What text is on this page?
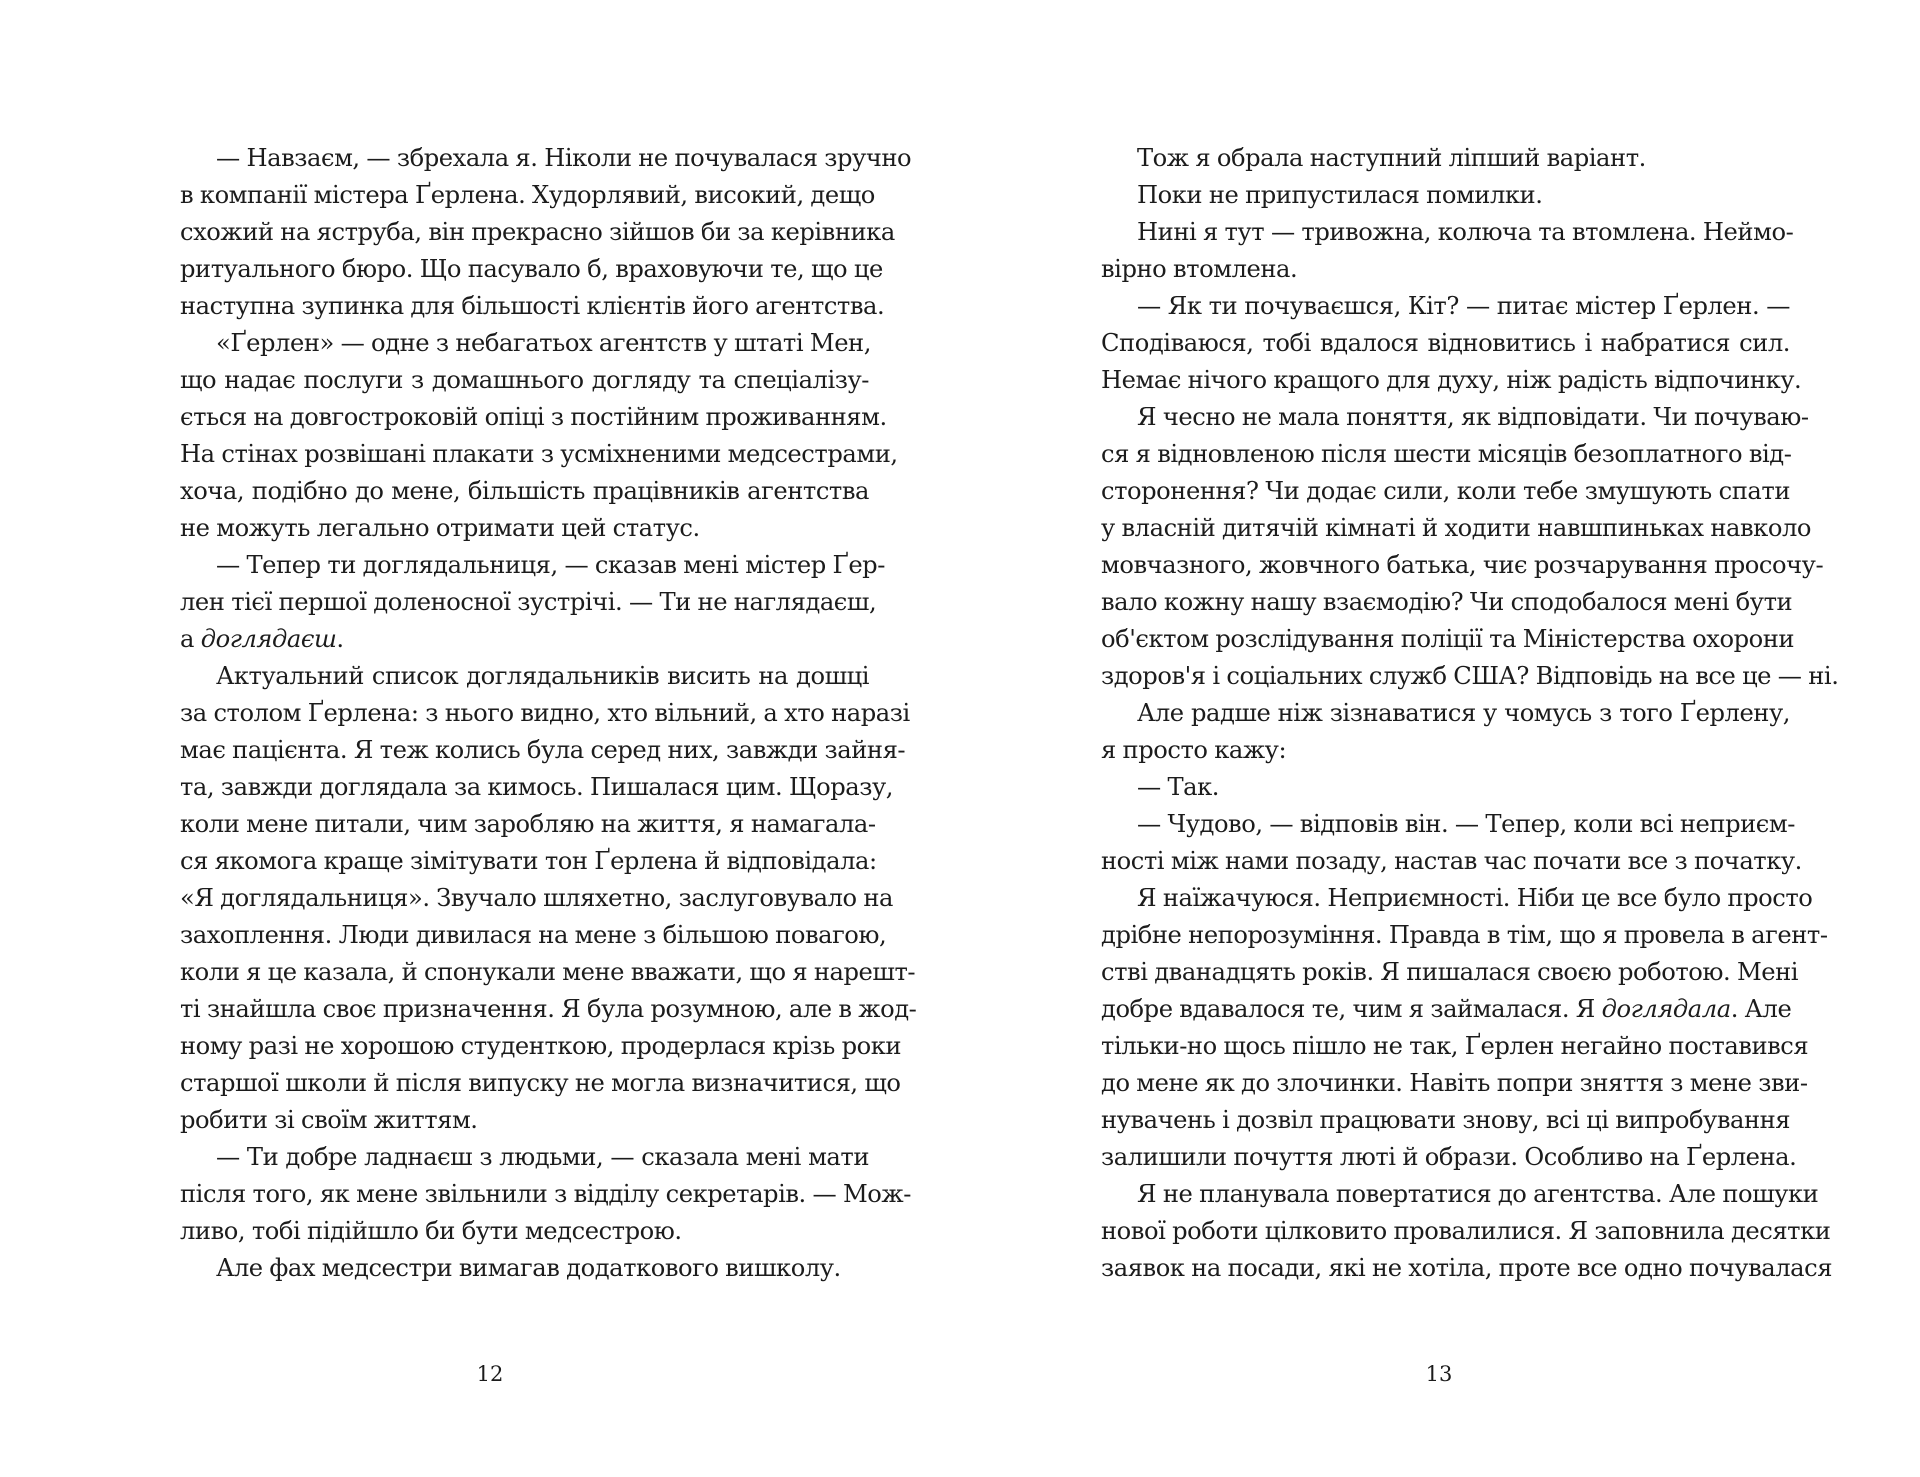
— Навзаєм, — збрехала я. Ніколи не почувалася зручно
в компанії містера Ґерлена. Худорлявий, високий, дещо
схожий на яструба, він прекрасно зійшов би за керівника
ритуального бюро. Що пасувало б, враховуючи те, що це
наступна зупинка для більшості клієнтів його агентства.
«Ґерлен» — одне з небагатьох агентств у штаті Мен,
що надає послуги з домашнього догляду та спеціалізу-
ється на довгостроковій опіці з постійним проживанням.
На стінах розвішані плакати з усміхненими медсестрами,
хоча, подібно до мене, більшість працівників агентства
не можуть легально отримати цей статус.
— Тепер ти доглядальниця, — сказав мені містер Ґер-
лен тієї першої доленосної зустрічі. — Ти не наглядаєш,
а доглядаєш.
Актуальний список доглядальників висить на дошці
за столом Ґерлена: з нього видно, хто вільний, а хто наразі
має пацієнта. Я теж колись була серед них, завжди зайня-
та, завжди доглядала за кимось. Пишалася цим. Щоразу,
коли мене питали, чим заробляю на життя, я намагала-
ся якомога краще зімітувати тон Ґерлена й відповідала:
«Я доглядальниця». Звучало шляхетно, заслуговувало на
захоплення. Люди дивилася на мене з більшою повагою,
коли я це казала, й спонукали мене вважати, що я нарешт-
ті знайшла своє призначення. Я була розумною, але в жод-
ному разі не хорошою студенткою, продерлася крізь роки
старшої школи й після випуску не могла визначитися, що
робити зі своїм життям.
— Ти добре ладнаєш з людьми, — сказала мені мати
після того, як мене звільнили з відділу секретарів. — Мож-
ливо, тобі підійшло би бути медсестрою.
Але фах медсестри вимагав додаткового вишколу.
12
Тож я обрала наступний ліпший варіант.
Поки не припустилася помилки.
Нині я тут — тривожна, колюча та втомлена. Неймо-
вірно втомлена.
— Як ти почуваєшся, Кіт? — питає містер Ґерлен. —
Сподіваюся, тобі вдалося відновитись і набратися сил.
Немає нічого кращого для духу, ніж радість відпочинку.
Я чесно не мала поняття, як відповідати. Чи почуваю-
ся я відновленою після шести місяців безоплатного від-
сторонення? Чи додає сили, коли тебе змушують спати
у власній дитячій кімнаті й ходити навшпиньках навколо
мовчазного, жовчного батька, чиє розчарування просочу-
вало кожну нашу взаємодію? Чи сподобалося мені бути
об'єктом розслідування поліції та Міністерства охорони
здоров'я і соціальних служб США? Відповідь на все це — ні.
Але радше ніж зізнаватися у чомусь з того Ґерлену,
я просто кажу:
— Так.
— Чудово, — відповів він. — Тепер, коли всі неприєм-
ності між нами позаду, настав час почати все з початку.
Я наїжачуюся. Неприємності. Ніби це все було просто
дрібне непорозуміння. Правда в тім, що я провела в агент-
стві дванадцять років. Я пишалася своєю роботою. Мені
добре вдавалося те, чим я займалася. Я доглядала. Але
тільки-но щось пішло не так, Ґерлен негайно поставився
до мене як до злочинки. Навіть попри зняття з мене зви-
нувачень і дозвіл працювати знову, всі ці випробування
залишили почуття люті й образи. Особливо на Ґерлена.
Я не планувала повертатися до агентства. Але пошуки
нової роботи цілковито провалилися. Я заповнила десятки
заявок на посади, які не хотіла, проте все одно почувалася
13
